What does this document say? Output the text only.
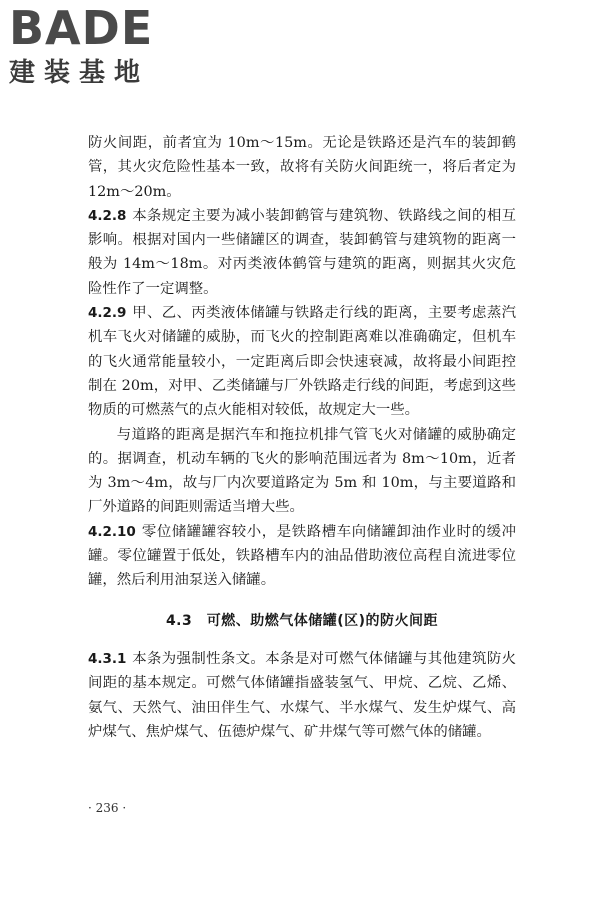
BADE
建装基地

防火间距，前者宜为 10m～15m。无论是铁路还是汽车的装卸鹤管，其火灾危险性基本一致，故将有关防火间距统一，将后者定为 12m～20m。

4.2.8 本条规定主要为减小装卸鹤管与建筑物、铁路线之间的相互影响。根据对国内一些储罐区的调查，装卸鹤管与建筑物的距离一般为 14m～18m。对丙类液体鹤管与建筑的距离，则据其火灾危险性作了一定调整。

4.2.9 甲、乙、丙类液体储罐与铁路走行线的距离，主要考虑蒸汽机车飞火对储罐的威胁，而飞火的控制距离难以准确确定，但机车的飞火通常能量较小，一定距离后即会快速衰减，故将最小间距控制在 20m，对甲、乙类储罐与厂外铁路走行线的间距，考虑到这些物质的可燃蒸气的点火能相对较低，故规定大一些。

与道路的距离是据汽车和拖拉机排气管飞火对储罐的威胁确定的。据调查，机动车辆的飞火的影响范围远者为 8m～10m，近者为 3m～4m，故与厂内次要道路定为 5m 和 10m，与主要道路和厂外道路的间距则需适当增大些。

4.2.10 零位储罐罐容较小，是铁路槽车向储罐卸油作业时的缓冲罐。零位罐置于低处，铁路槽车内的油品借助液位高程自流进零位罐，然后利用油泵送入储罐。

4.3　可燃、助燃气体储罐(区)的防火间距

4.3.1 本条为强制性条文。本条是对可燃气体储罐与其他建筑防火间距的基本规定。可燃气体储罐指盛装氢气、甲烷、乙烷、乙烯、氨气、天然气、油田伴生气、水煤气、半水煤气、发生炉煤气、高炉煤气、焦炉煤气、伍德炉煤气、矿井煤气等可燃气体的储罐。

· 236 ·
